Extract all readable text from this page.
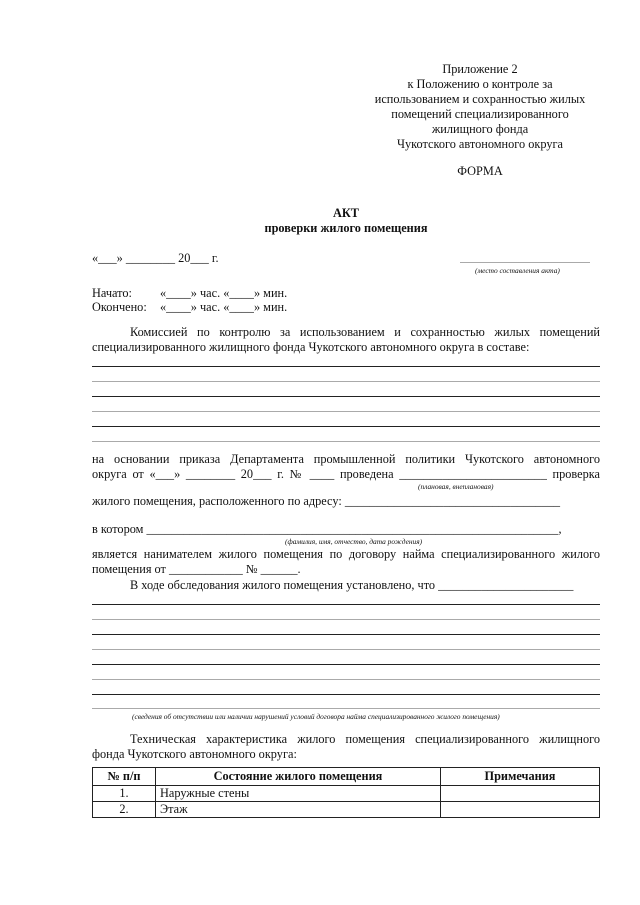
Приложение 2
к Положению о контроле за
использованием и сохранностью жилых
помещений специализированного
жилищного фонда
Чукотского автономного округа
ФОРМА
АКТ
проверки жилого помещения
«___» ________ 20___ г.
(место составления акта)
Начато: «____» час. «____» мин.
Окончено: «____» час. «____» мин.
Комиссией по контролю за использованием и сохранностью жилых помещений
специализированного жилищного фонда Чукотского автономного округа в составе:
на основании приказа Департамента промышленной политики Чукотского автономного
округа от «___» ________ 20___ г. № ____ проведена ________________________ проверка
(плановая, внеплановая)
жилого помещения, расположенного по адресу: ___________________________________
в котором ___________________________________________________________________,
(фамилия, имя, отчество, дата рождения)
является нанимателем жилого помещения по договору найма специализированного жилого
помещения от ____________ № ______.
В ходе обследования жилого помещения установлено, что ______________________
(сведения об отсутствии или наличии нарушений условий договора найма специализированного жилого помещения)
Техническая характеристика жилого помещения специализированного жилищного
фонда Чукотского автономного округа:
№ п/п	Состояние жилого помещения	Примечания
1.	Наружные стены	
2.	Этаж	
